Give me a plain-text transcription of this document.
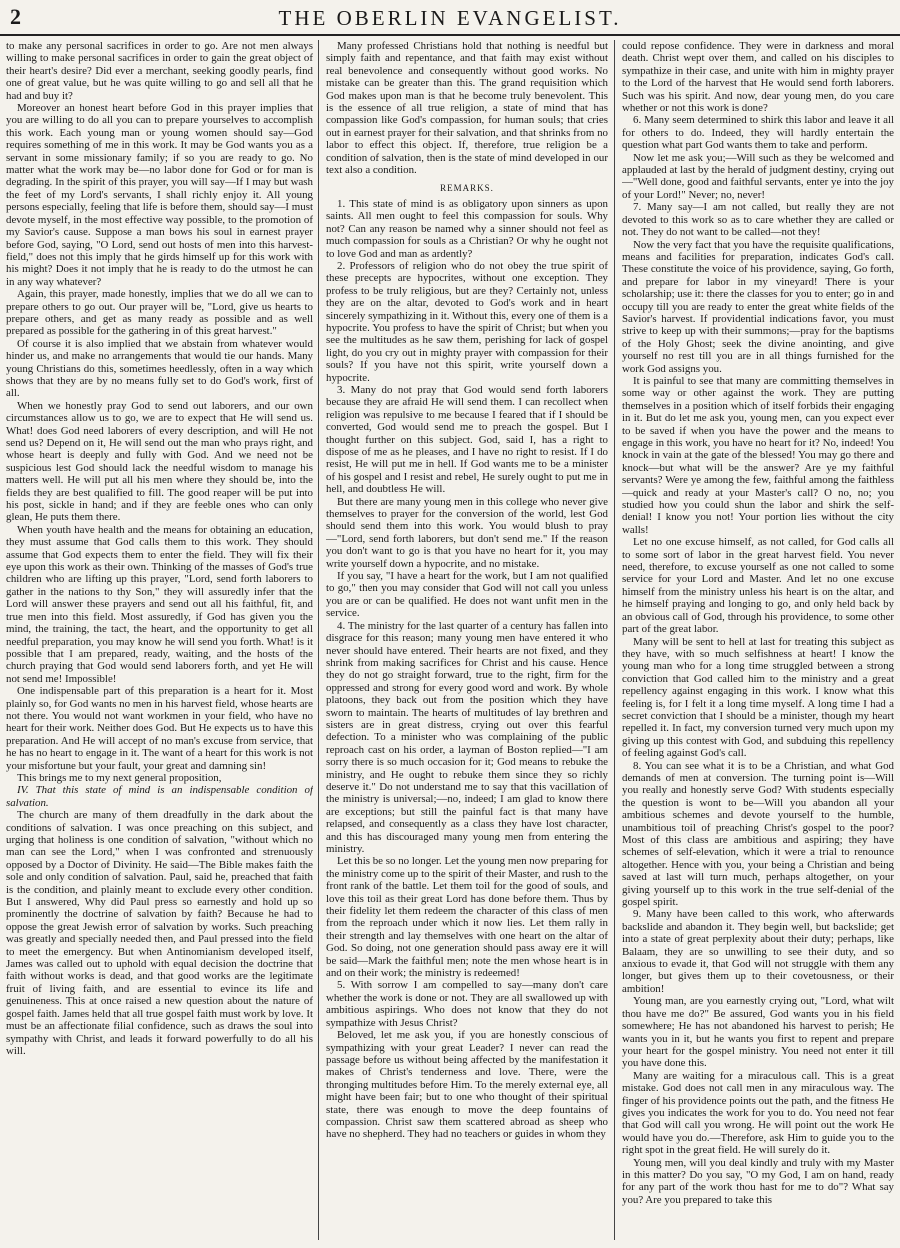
2	THE OBERLIN EVANGELIST.

to make any personal sacrifices in order to go. Are not men always willing to make personal sacrifices in order to gain the great object of their heart's desire? Did ever a merchant, seeking goodly pearls, find one of great value, but he was quite willing to go and sell all that he had and buy it?

Moreover an honest heart before God in this prayer implies that you are willing to do all you can to prepare yourselves to accomplish this work. Each young man or young women should say—God requires something of me in this work. It may be God wants you as a servant in some missionary family; if so you are ready to go. No matter what the work may be—no labor done for God or for man is degrading. In the spirit of this prayer, you will say—If I may but wash the feet of my Lord's servants, I shall richly enjoy it. All young persons especially, feeling that life is before them, should say—I must devote myself, in the most effective way possible, to the promotion of my Savior's cause. Suppose a man bows his soul in earnest prayer before God, saying, "O Lord, send out hosts of men into this harvest-field," does not this imply that he girds himself up for this work with his might? Does it not imply that he is ready to do the utmost he can in any way whatever?

Again, this prayer, made honestly, implies that we do all we can to prepare others to go out. Our prayer will be, "Lord, give us hearts to prepare others, and get as many ready as possible and as well prepared as possible for the gathering in of this great harvest."

Of course it is also implied that we abstain from whatever would hinder us, and make no arrangements that would tie our hands. Many young Christians do this, sometimes heedlessly, often in a way which shows that they are by no means fully set to do God's work, first of all.

When we honestly pray God to send out laborers, and our own circumstances allow us to go, we are to expect that He will send us. What! does God need laborers of every description, and will He not send us? Depend on it, He will send out the man who prays right, and whose heart is deeply and fully with God. And we need not be suspicious lest God should lack the needful wisdom to manage his matters well. He will put all his men where they should be, into the fields they are best qualified to fill. The good reaper will be put into his post, sickle in hand; and if they are feeble ones who can only glean, He puts them there.

When youth have health and the means for obtaining an education, they must assume that God calls them to this work. They should assume that God expects them to enter the field. They will fix their eye upon this work as their own. Thinking of the masses of God's true children who are lifting up this prayer, "Lord, send forth laborers to gather in the nations to thy Son," they will assuredly infer that the Lord will answer these prayers and send out all his faithful, fit, and true men into this field. Most assuredly, if God has given you the mind, the training, the tact, the heart, and the opportunity to get all needful preparation, you may know he will send you forth. What! is it possible that I am prepared, ready, waiting, and the hosts of the church praying that God would send laborers forth, and yet He will not send me! Impossible!

One indispensable part of this preparation is a heart for it. Most plainly so, for God wants no men in his harvest field, whose hearts are not there. You would not want workmen in your field, who have no heart for their work. Neither does God. But He expects us to have this preparation. And He will accept of no man's excuse from service, that he has no heart to engage in it. The want of a heart for this work is not your misfortune but your fault, your great and damning sin!

This brings me to my next general proposition,

IV. That this state of mind is an indispensable condition of salvation.

The church are many of them dreadfully in the dark about the conditions of salvation. I was once preaching on this subject, and urging that holiness is one condition of salvation, "without which no man can see the Lord," when I was confronted and strenuously opposed by a Doctor of Divinity. He said—The Bible makes faith the sole and only condition of salvation. Paul, said he, preached that faith is the condition, and plainly meant to exclude every other condition. But I answered, Why did Paul press so earnestly and hold up so prominently the doctrine of salvation by faith? Because he had to oppose the great Jewish error of salvation by works. Such preaching was greatly and specially needed then, and Paul pressed into the field to meet the emergency. But when Antinomianism developed itself, James was called out to uphold with equal decision the doctrine that faith without works is dead, and that good works are the legitimate fruit of living faith, and are essential to evince its life and genuineness. This at once raised a new question about the nature of gospel faith. James held that all true gospel faith must work by love. It must be an affectionate filial confidence, such as draws the soul into sympathy with Christ, and leads it forward powerfully to do all his will.

Many professed Christians hold that nothing is needful but simply faith and repentance, and that faith may exist without real benevolence and consequently without good works. No mistake can be greater than this. The grand requisition which God makes upon man is that he become truly benevolent. This is the essence of all true religion, a state of mind that has compassion like God's compassion, for human souls; that cries out in earnest prayer for their salvation, and that shrinks from no labor to effect this object. If, therefore, true religion be a condition of salvation, then is the state of mind developed in our text also a condition.

REMARKS.

1. This state of mind is as obligatory upon sinners as upon saints. All men ought to feel this compassion for souls. Why not? Can any reason be named why a sinner should not feel as much compassion for souls as a Christian? Or why he ought not to love God and man as ardently?

2. Professors of religion who do not obey the true spirit of these precepts are hypocrites, without one exception. They profess to be truly religious, but are they? Certainly not, unless they are on the altar, devoted to God's work and in heart sincerely sympathizing in it. Without this, every one of them is a hypocrite. You profess to have the spirit of Christ; but when you see the multitudes as he saw them, perishing for lack of gospel light, do you cry out in mighty prayer with compassion for their souls? If you have not this spirit, write yourself down a hypocrite.

3. Many do not pray that God would send forth laborers because they are afraid He will send them. I can recollect when religion was repulsive to me because I feared that if I should be converted, God would send me to preach the gospel. But I thought further on this subject. God, said I, has a right to dispose of me as he pleases, and I have no right to resist. If I do resist, He will put me in hell. If God wants me to be a minister of his gospel and I resist and rebel, He surely ought to put me in hell, and doubtless He will.

But there are many young men in this college who never give themselves to prayer for the conversion of the world, lest God should send them into this work. You would blush to pray—"Lord, send forth laborers, but don't send me." If the reason you don't want to go is that you have no heart for it, you may write yourself down a hypocrite, and no mistake.

If you say, "I have a heart for the work, but I am not qualified to go," then you may consider that God will not call you unless you are or can be qualified. He does not want unfit men in the service.

4. The ministry for the last quarter of a century has fallen into disgrace for this reason; many young men have entered it who never should have entered. Their hearts are not fixed, and they shrink from making sacrifices for Christ and his cause. Hence they do not go straight forward, true to the right, firm for the oppressed and strong for every good word and work. By whole platoons, they back out from the position which they have sworn to maintain. The hearts of multitudes of lay brethren and sisters are in great distress, crying out over this fearful defection. To a minister who was complaining of the public reproach cast on his order, a layman of Boston replied—"I am sorry there is so much occasion for it; God means to rebuke the ministry, and He ought to rebuke them since they so richly deserve it." Do not understand me to say that this vacillation of the ministry is universal;—no, indeed; I am glad to know there are exceptions; but still the painful fact is that many have relapsed, and consequently as a class they have lost character, and this has discouraged many young men from entering the ministry.

Let this be so no longer. Let the young men now preparing for the ministry come up to the spirit of their Master, and rush to the front rank of the battle. Let them toil for the good of souls, and love this toil as their great Lord has done before them. Thus by their fidelity let them redeem the character of this class of men from the reproach under which it now lies. Let them rally in their strength and lay themselves with one heart on the altar of God. So doing, not one generation should pass away ere it will be said—Mark the faithful men; note the men whose heart is in and on their work; the ministry is redeemed!

5. With sorrow I am compelled to say—many don't care whether the work is done or not. They are all swallowed up with ambitious aspirings. Who does not know that they do not sympathize with Jesus Christ?

Beloved, let me ask you, if you are honestly conscious of sympathizing with your great Leader? I never can read the passage before us without being affected by the manifestation it makes of Christ's tenderness and love. There, were the thronging multitudes before Him. To the merely external eye, all might have been fair; but to one who thought of their spiritual state, there was enough to move the deep fountains of compassion. Christ saw them scattered abroad as sheep who have no shepherd. They had no teachers or guides in whom they

could repose confidence. They were in darkness and moral death. Christ wept over them, and called on his disciples to sympathize in their case, and unite with him in mighty prayer to the Lord of the harvest that He would send forth laborers. Such was his spirit. And now, dear young men, do you care whether or not this work is done?

6. Many seem determined to shirk this labor and leave it all for others to do. Indeed, they will hardly entertain the question what part God wants them to take and perform.

Now let me ask you;—Will such as they be welcomed and applauded at last by the herald of judgment destiny, crying out—"Well done, good and faithful servants, enter ye into the joy of your Lord!" Never; no, never!

7. Many say—I am not called, but really they are not devoted to this work so as to care whether they are called or not. They do not want to be called—not they!

Now the very fact that you have the requisite qualifications, means and facilities for preparation, indicates God's call. These constitute the voice of his providence, saying, Go forth, and prepare for labor in my vineyard! There is your scholarship; use it: there the classes for you to enter; go in and occupy till you are ready to enter the great white fields of the Savior's harvest. If providential indications favor, you must strive to keep up with their summons;—pray for the baptisms of the Holy Ghost; seek the divine anointing, and give yourself no rest till you are in all things furnished for the work God assigns you.

It is painful to see that many are committing themselves in some way or other against the work. They are putting themselves in a position which of itself forbids their engaging in it. But do let me ask you, young men, can you expect ever to be saved if when you have the power and the means to engage in this work, you have no heart for it? No, indeed! You knock in vain at the gate of the blessed! You may go there and knock—but what will be the answer? Are ye my faithful servants? Were ye among the few, faithful among the faithless—quick and ready at your Master's call? O no, no; you studied how you could shun the labor and shirk the self-denial! I know you not! Your portion lies without the city walls!

Let no one excuse himself, as not called, for God calls all to some sort of labor in the great harvest field. You never need, therefore, to excuse yourself as one not called to some service for your Lord and Master. And let no one excuse himself from the ministry unless his heart is on the altar, and he himself praying and longing to go, and only held back by an obvious call of God, through his providence, to some other part of the great labor.

Many will be sent to hell at last for treating this subject as they have, with so much selfishness at heart! I know the young man who for a long time struggled between a strong conviction that God called him to the ministry and a great repellency against engaging in this work. I know what this feeling is, for I felt it a long time myself. A long time I had a secret conviction that I should be a minister, though my heart repelled it. In fact, my conversion turned very much upon my giving up this contest with God, and subduing this repellency of feeling against God's call.

8. You can see what it is to be a Christian, and what God demands of men at conversion. The turning point is—Will you really and honestly serve God? With students especially the question is wont to be—Will you abandon all your ambitious schemes and devote yourself to the humble, unambitious toil of preaching Christ's gospel to the poor? Most of this class are ambitious and aspiring; they have schemes of self-elevation, which it were a trial to renounce altogether. Hence with you, your being a Christian and being saved at last will turn much, perhaps altogether, on your giving yourself up to this work in the true self-denial of the gospel spirit.

9. Many have been called to this work, who afterwards backslide and abandon it. They begin well, but backslide; get into a state of great perplexity about their duty; perhaps, like Balaam, they are so unwilling to see their duty, and so anxious to evade it, that God will not struggle with them any longer, but gives them up to their covetousness, or their ambition!

Young man, are you earnestly crying out, "Lord, what wilt thou have me do?" Be assured, God wants you in his field somewhere; He has not abandoned his harvest to perish; He wants you in it, but he wants you first to repent and prepare your heart for the gospel ministry. You need not enter it till you have done this.

Many are waiting for a miraculous call. This is a great mistake. God does not call men in any miraculous way. The finger of his providence points out the path, and the fitness He gives you indicates the work for you to do. You need not fear that God will call you wrong. He will point out the work He would have you do.—Therefore, ask Him to guide you to the right spot in the great field. He will surely do it.

Young men, will you deal kindly and truly with my Master in this matter? Do you say, "O my God, I am on hand, ready for any part of the work thou hast for me to do"? What say you? Are you prepared to take this
